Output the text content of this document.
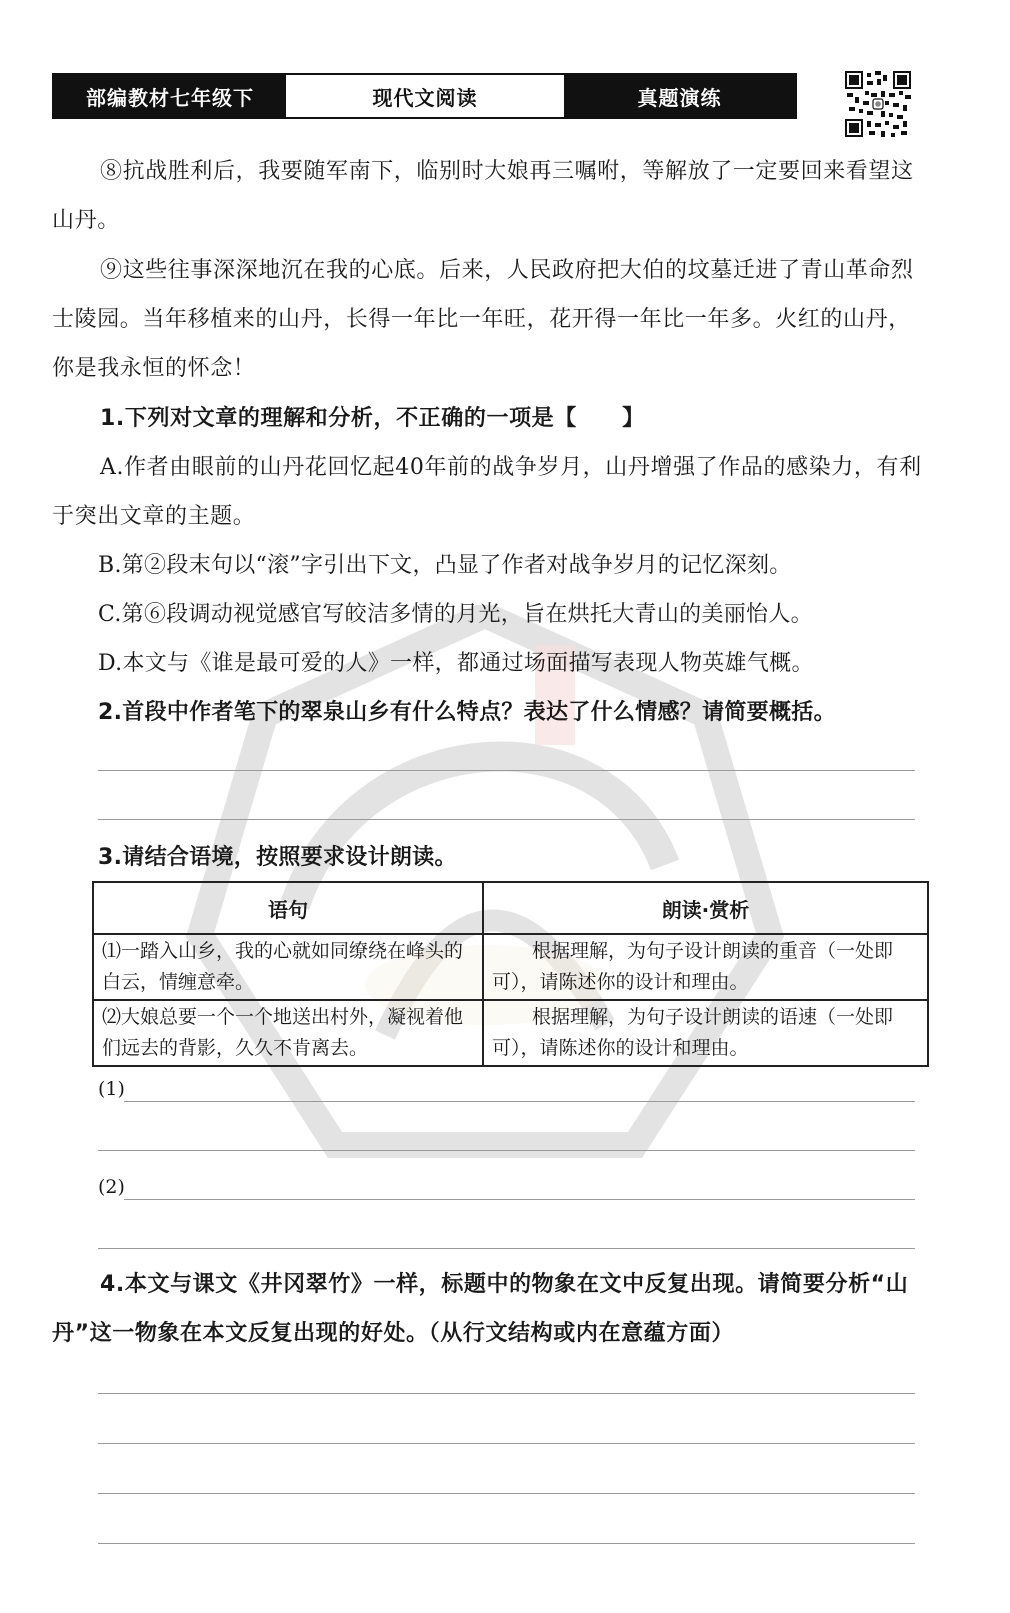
部编教材七年级下	现代文阅读	真题演练
⑧抗战胜利后，我要随军南下，临别时大娘再三嘱咐，等解放了一定要回来看望这山丹。
⑨这些往事深深地沉在我的心底。后来，人民政府把大伯的坟墓迁进了青山革命烈士陵园。当年移植来的山丹，长得一年比一年旺，花开得一年比一年多。火红的山丹，你是我永恒的怀念！
1.下列对文章的理解和分析，不正确的一项是【　　】
A.作者由眼前的山丹花回忆起40年前的战争岁月，山丹增强了作品的感染力，有利于突出文章的主题。
B.第②段末句以“滚”字引出下文，凸显了作者对战争岁月的记忆深刻。
C.第⑥段调动视觉感官写皎洁多情的月光，旨在烘托大青山的美丽怡人。
D.本文与《谁是最可爱的人》一样，都通过场面描写表现人物英雄气概。
2.首段中作者笔下的翠泉山乡有什么特点？表达了什么情感？请简要概括。
3.请结合语境，按照要求设计朗读。
语句	朗读·赏析
⑴一踏入山乡，我的心就如同缭绕在峰头的白云，情缠意牵。	根据理解，为句子设计朗读的重音（一处即可），请陈述你的设计和理由。
⑵大娘总要一个一个地送出村外，凝视着他们远去的背影，久久不肯离去。	根据理解，为句子设计朗读的语速（一处即可），请陈述你的设计和理由。
(1)
(2)
4.本文与课文《井冈翠竹》一样，标题中的物象在文中反复出现。请简要分析“山丹”这一物象在本文反复出现的好处。（从行文结构或内在意蕴方面）
